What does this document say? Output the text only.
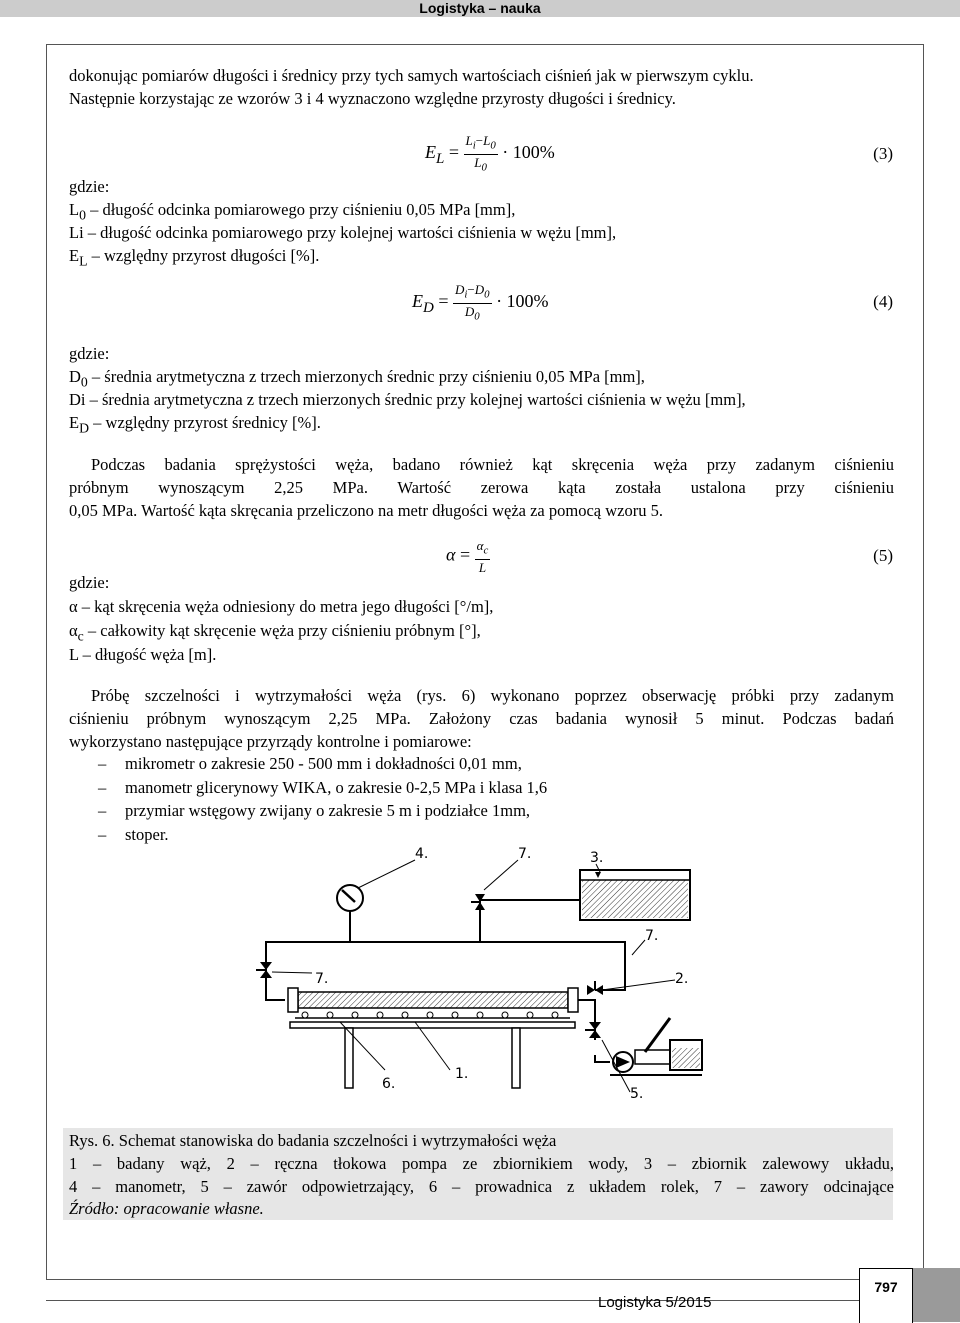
Logistyka – nauka

dokonując pomiarów długości i średnicy przy tych samych wartościach ciśnień jak w pierwszym cyklu.

Następnie korzystając ze wzorów 3 i 4 wyznaczono względne przyrosty długości i średnicy.

$E_L = \frac{L_i-L_0}{L_0} \cdot 100\%$	(3)

gdzie:

$L_0$ – długość odcinka pomiarowego przy ciśnieniu 0,05 MPa [mm],

Li – długość odcinka pomiarowego przy kolejnej wartości ciśnienia w wężu [mm],

$E_L$ – względny przyrost długości [%].

$E_D = \frac{D_i-D_0}{D_0} \cdot 100\%$	(4)

gdzie:

$D_0$ – średnia arytmetyczna z trzech mierzonych średnic przy ciśnieniu 0,05 MPa [mm],

Di – średnia arytmetyczna z trzech mierzonych średnic przy kolejnej wartości ciśnienia w wężu [mm],

$E_D$ – względny przyrost średnicy [%].

Podczas badania sprężystości węża, badano również kąt skręcenia węża przy zadanym ciśnieniu

próbnym wynoszącym 2,25 MPa. Wartość zerowa kąta została ustalona przy ciśnieniu

0,05 MPa. Wartość kąta skręcania przeliczono na metr długości węża za pomocą wzoru 5.

$\alpha = \frac{\alpha_c}{L}$	(5)

gdzie:

α – kąt skręcenia węża odniesiony do metra jego długości [°/m],

$\alpha_c$ – całkowity kąt skręcenie węża przy ciśnieniu próbnym [°],

L – długość węża [m].

Próbę szczelności i wytrzymałości węża (rys. 6) wykonano poprzez obserwację próbki przy zadanym

ciśnieniu próbnym wynoszącym 2,25 MPa. Założony czas badania wynosił 5 minut. Podczas badań

wykorzystano następujące przyrządy kontrolne i pomiarowe:

– mikrometr o zakresie 250 - 500 mm i dokładności 0,01 mm,
– manometr glicerynowy WIKA, o zakresie 0-2,5 MPa i klasa 1,6
– przymiar wstęgowy zwijany o zakresie 5 m i podziałce 1mm,
– stoper.
4.	7.	3.
7.
7.	2.
6.
1.
5.
Rys. 6. Schemat stanowiska do badania szczelności i wytrzymałości węża
1 – badany wąż, 2 – ręczna tłokowa pompa ze zbiornikiem wody, 3 – zbiornik zalewowy układu,
4 – manometr, 5 – zawór odpowietrzający, 6 – prowadnica z układem rolek, 7 – zawory odcinające
Źródło: opracowanie własne.
Logistyka 5/2015
797
